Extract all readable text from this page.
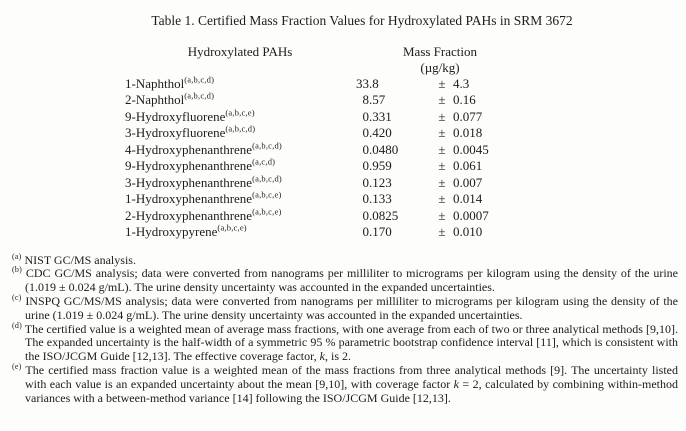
Table 1. Certified Mass Fraction Values for Hydroxylated PAHs in SRM 3672
Hydroxylated PAHs	Mass Fraction
(µg/kg)		

1-Naphthol$^{(a,b,c,d)}$	33.8	±	4.3
2-Naphthol$^{(a,b,c,d)}$	8.57	±	0.16
9-Hydroxyfluorene$^{(a,b,c,e)}$	0.331	±	0.077
3-Hydroxyfluorene$^{(a,b,c,d)}$	0.420	±	0.018
4-Hydroxyphenanthrene$^{(a,b,c,d)}$	0.0480	±	0.0045
9-Hydroxyphenanthrene$^{(a,c,d)}$	0.959	±	0.061
3-Hydroxyphenanthrene$^{(a,b,c,d)}$	0.123	±	0.007
1-Hydroxyphenanthrene$^{(a,b,c,e)}$	0.133	±	0.014
2-Hydroxyphenanthrene$^{(a,b,c,e)}$	0.0825	±	0.0007
1-Hydroxypyrene$^{(a,b,c,e)}$	0.170	±	0.010
$^{(a)}$ NIST GC/MS analysis.
$^{(b)}$ CDC GC/MS analysis; data were converted from nanograms per milliliter to micrograms per kilogram using the density of the urine (1.019 ± 0.024 g/mL). The urine density uncertainty was accounted in the expanded uncertainties.
$^{(c)}$ INSPQ GC/MS/MS analysis; data were converted from nanograms per milliliter to micrograms per kilogram using the density of the urine (1.019 ± 0.024 g/mL). The urine density uncertainty was accounted in the expanded uncertainties.
$^{(d)}$ The certified value is a weighted mean of average mass fractions, with one average from each of two or three analytical methods [9,10]. The expanded uncertainty is the half-width of a symmetric 95 % parametric bootstrap confidence interval [11], which is consistent with the ISO/JCGM Guide [12,13]. The effective coverage factor, k, is 2.
$^{(e)}$ The certified mass fraction value is a weighted mean of the mass fractions from three analytical methods [9]. The uncertainty listed with each value is an expanded uncertainty about the mean [9,10], with coverage factor k = 2, calculated by combining within-method variances with a between-method variance [14] following the ISO/JCGM Guide [12,13].
